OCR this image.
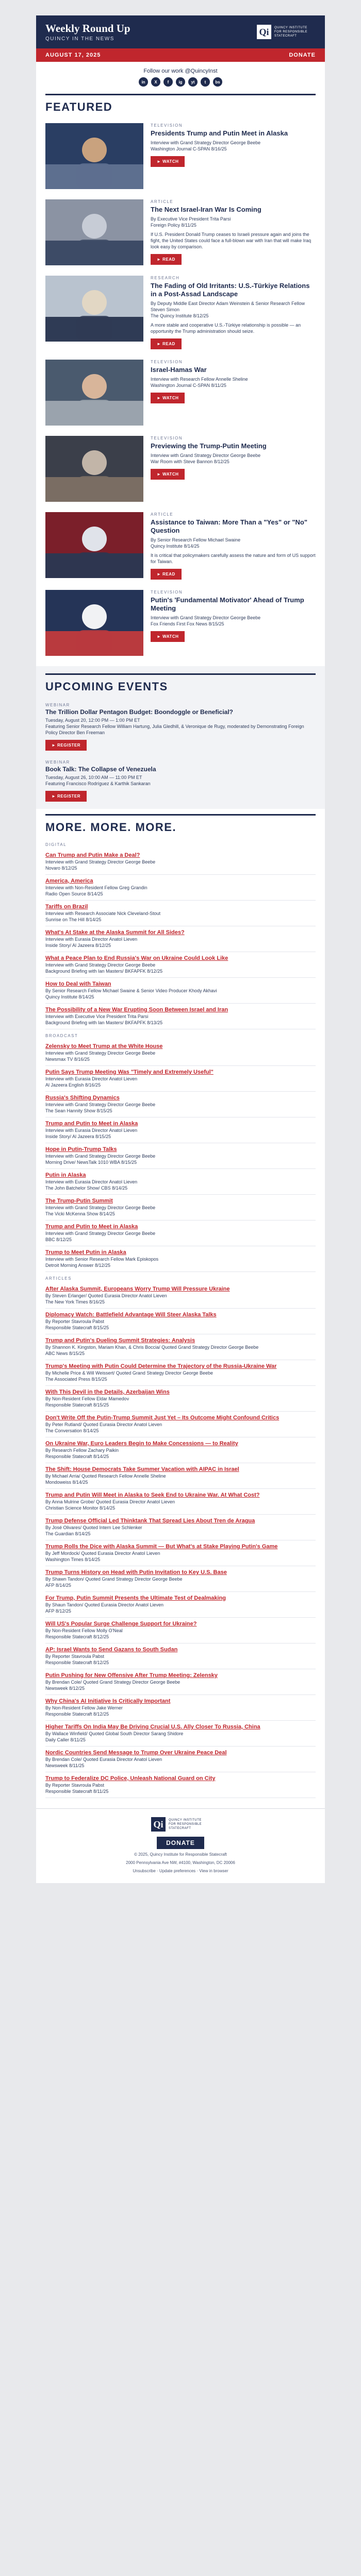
Weekly Round Up
QUINCY IN THE NEWS
Qi	QUINCY INSTITUTE FOR RESPONSIBLE STATECRAFT
AUGUST 17, 2025	DONATE
Follow our work @QuincyInst
in	X	f	ig	yt	t	bs
FEATURED
TELEVISION
Presidents Trump and Putin Meet in Alaska
Interview with Grand Strategy Director George Beebe
Washington Journal C-SPAN 8/16/25
► WATCH
ARTICLE
The Next Israel-Iran War Is Coming
By Executive Vice President Trita Parsi
Foreign Policy 8/11/25
If U.S. President Donald Trump ceases to Israeli pressure again and joins the fight, the United States could face a full-blown war with Iran that will make Iraq look easy by comparison.
► READ
RESEARCH
The Fading of Old Irritants: U.S.-Türkiye Relations in a Post-Assad Landscape
By Deputy Middle East Director Adam Weinstein & Senior Research Fellow Steven Simon
The Quincy Institute 8/12/25
A more stable and cooperative U.S.-Türkiye relationship is possible — an opportunity the Trump administration should seize.
► READ
TELEVISION
Israel-Hamas War
Interview with Research Fellow Annelle Sheline
Washington Journal C-SPAN 8/11/25
► WATCH
TELEVISION
Previewing the Trump-Putin Meeting
Interview with Grand Strategy Director George Beebe
War Room with Steve Bannon 8/12/25
► WATCH
ARTICLE
Assistance to Taiwan: More Than a "Yes" or "No" Question
By Senior Research Fellow Michael Swaine
Quincy Institute 8/14/25
It is critical that policymakers carefully assess the nature and form of US support for Taiwan.
► READ
TELEVISION
Putin's 'Fundamental Motivator' Ahead of Trump Meeting
Interview with Grand Strategy Director George Beebe
Fox Friends First Fox News 8/15/25
► WATCH
UPCOMING EVENTS
WEBINAR
The Trillion Dollar Pentagon Budget: Boondoggle or Beneficial?
Tuesday, August 20, 12:00 PM — 1:00 PM ET
Featuring Senior Research Fellow William Hartung, Julia Gledhill, & Veronique de Rugy, moderated by Demonstrating Foreign Policy Director Ben Freeman
► REGISTER
WEBINAR
Book Talk: The Collapse of Venezuela
Tuesday, August 26, 10:00 AM — 11:00 PM ET
Featuring Francisco Rodríguez & Karthik Sankaran
► REGISTER
MORE. MORE. MORE.
DIGITAL
Can Trump and Putin Make a Deal?
Interview with Grand Strategy Director George Beebe
Novaro 8/12/25
America, America
Interview with Non-Resident Fellow Greg Grandin
Radio Open Source 8/14/25
Tariffs on Brazil
Interview with Research Associate Nick Cleveland-Stout
Sunrise on The Hill 8/14/25
What's At Stake at the Alaska Summit for All Sides?
Interview with Eurasia Director Anatol Lieven
Inside Story/ Al Jazeera 8/12/25
What a Peace Plan to End Russia's War on Ukraine Could Look Like
Interview with Grand Strategy Director George Beebe
Background Briefing with Ian Masters/ BKFAPFK 8/12/25
How to Deal with Taiwan
By Senior Research Fellow Michael Swaine & Senior Video Producer Khody Akhavi
Quincy Institute 8/14/25
The Possibility of a New War Erupting Soon Between Israel and Iran
Interview with Executive Vice President Trita Parsi
Background Briefing with Ian Masters/ BKFAPFK 8/13/25
BROADCAST
Zelensky to Meet Trump at the White House
Interview with Grand Strategy Director George Beebe
Newsmax TV 8/16/25
Putin Says Trump Meeting Was "Timely and Extremely Useful"
Interview with Eurasia Director Anatol Lieven
Al Jazeera English 8/16/25
Russia's Shifting Dynamics
Interview with Grand Strategy Director George Beebe
The Sean Hannity Show 8/15/25
Trump and Putin to Meet in Alaska
Interview with Eurasia Director Anatol Lieven
Inside Story/ Al Jazeera 8/15/25
Hope in Putin-Trump Talks
Interview with Grand Strategy Director George Beebe
Morning Drive/ NewsTalk 1010 WBA 8/15/25
Putin in Alaska
Interview with Eurasia Director Anatol Lieven
The John Batchelor Show/ CBS 8/14/25
The Trump-Putin Summit
Interview with Grand Strategy Director George Beebe
The Vicki McKenna Show 8/14/25
Trump and Putin to Meet in Alaska
Interview with Grand Strategy Director George Beebe
BBC 8/12/25
Trump to Meet Putin in Alaska
Interview with Senior Research Fellow Mark Episkopos
Detroit Morning Answer 8/12/25
ARTICLES
After Alaska Summit, Europeans Worry Trump Will Pressure Ukraine
By Steven Erlanger/ Quoted Eurasia Director Anatol Lieven
The New York Times 8/16/25
Diplomacy Watch: Battlefield Advantage Will Steer Alaska Talks
By Reporter Stavroula Pabst
Responsible Statecraft 8/15/25
Trump and Putin's Dueling Summit Strategies: Analysis
By Shannon K. Kingston, Mariam Khan, & Chris Boccia/ Quoted Grand Strategy Director George Beebe
ABC News 8/15/25
Trump's Meeting with Putin Could Determine the Trajectory of the Russia-Ukraine War
By Michelle Price & Will Weissert/ Quoted Grand Strategy Director George Beebe
The Associated Press 8/15/25
With This Devil in the Details, Azerbaijan Wins
By Non-Resident Fellow Eldar Mamedov
Responsible Statecraft 8/15/25
Don't Write Off the Putin-Trump Summit Just Yet – Its Outcome Might Confound Critics
By Peter Rutland/ Quoted Eurasia Director Anatol Lieven
The Conversation 8/14/25
On Ukraine War, Euro Leaders Begin to Make Concessions — to Reality
By Research Fellow Zachary Paikin
Responsible Statecraft 8/14/25
The Shift: House Democrats Take Summer Vacation with AIPAC in Israel
By Michael Arria/ Quoted Research Fellow Annelle Sheline
Mondoweiss 8/14/25
Trump and Putin Will Meet in Alaska to Seek End to Ukraine War. At What Cost?
By Anna Mulrine Grobe/ Quoted Eurasia Director Anatol Lieven
Christian Science Monitor 8/14/25
Trump Defense Official Led Thinktank That Spread Lies About Tren de Aragua
By José Olivares/ Quoted Intern Lee Schlenker
The Guardian 8/14/25
Trump Rolls the Dice with Alaska Summit — But What's at Stake Playing Putin's Game
By Jeff Mordock/ Quoted Eurasia Director Anatol Lieven
Washington Times 8/14/25
Trump Turns History on Head with Putin Invitation to Key U.S. Base
By Shawn Tandon/ Quoted Grand Strategy Director George Beebe
AFP 8/14/25
For Trump, Putin Summit Presents the Ultimate Test of Dealmaking
By Shaun Tandon/ Quoted Eurasia Director Anatol Lieven
AFP 8/12/25
Will US's Popular Surge Challenge Support for Ukraine?
By Non-Resident Fellow Molly O'Neal
Responsible Statecraft 8/12/25
AP: Israel Wants to Send Gazans to South Sudan
By Reporter Stavroula Pabst
Responsible Statecraft 8/12/25
Putin Pushing for New Offensive After Trump Meeting: Zelensky
By Brendan Cole/ Quoted Grand Strategy Director George Beebe
Newsweek 8/12/25
Why China's AI Initiative Is Critically Important
By Non-Resident Fellow Jake Werner
Responsible Statecraft 8/12/25
Higher Tariffs On India May Be Driving Crucial U.S. Ally Closer To Russia, China
By Wallace Winfield/ Quoted Global South Director Sarang Shidore
Daily Caller 8/11/25
Nordic Countries Send Message to Trump Over Ukraine Peace Deal
By Brendan Cole/ Quoted Eurasia Director Anatol Lieven
Newsweek 8/11/25
Trump to Federalize DC Police, Unleash National Guard on City
By Reporter Stavroula Pabst
Responsible Statecraft 8/11/25
Qi	QUINCY INSTITUTE FOR RESPONSIBLE STATECRAFT
DONATE
© 2025, Quincy Institute for Responsible Statecraft
2000 Pennsylvania Ave NW, #4100, Washington, DC 20006
Unsubscribe · Update preferences · View in browser
